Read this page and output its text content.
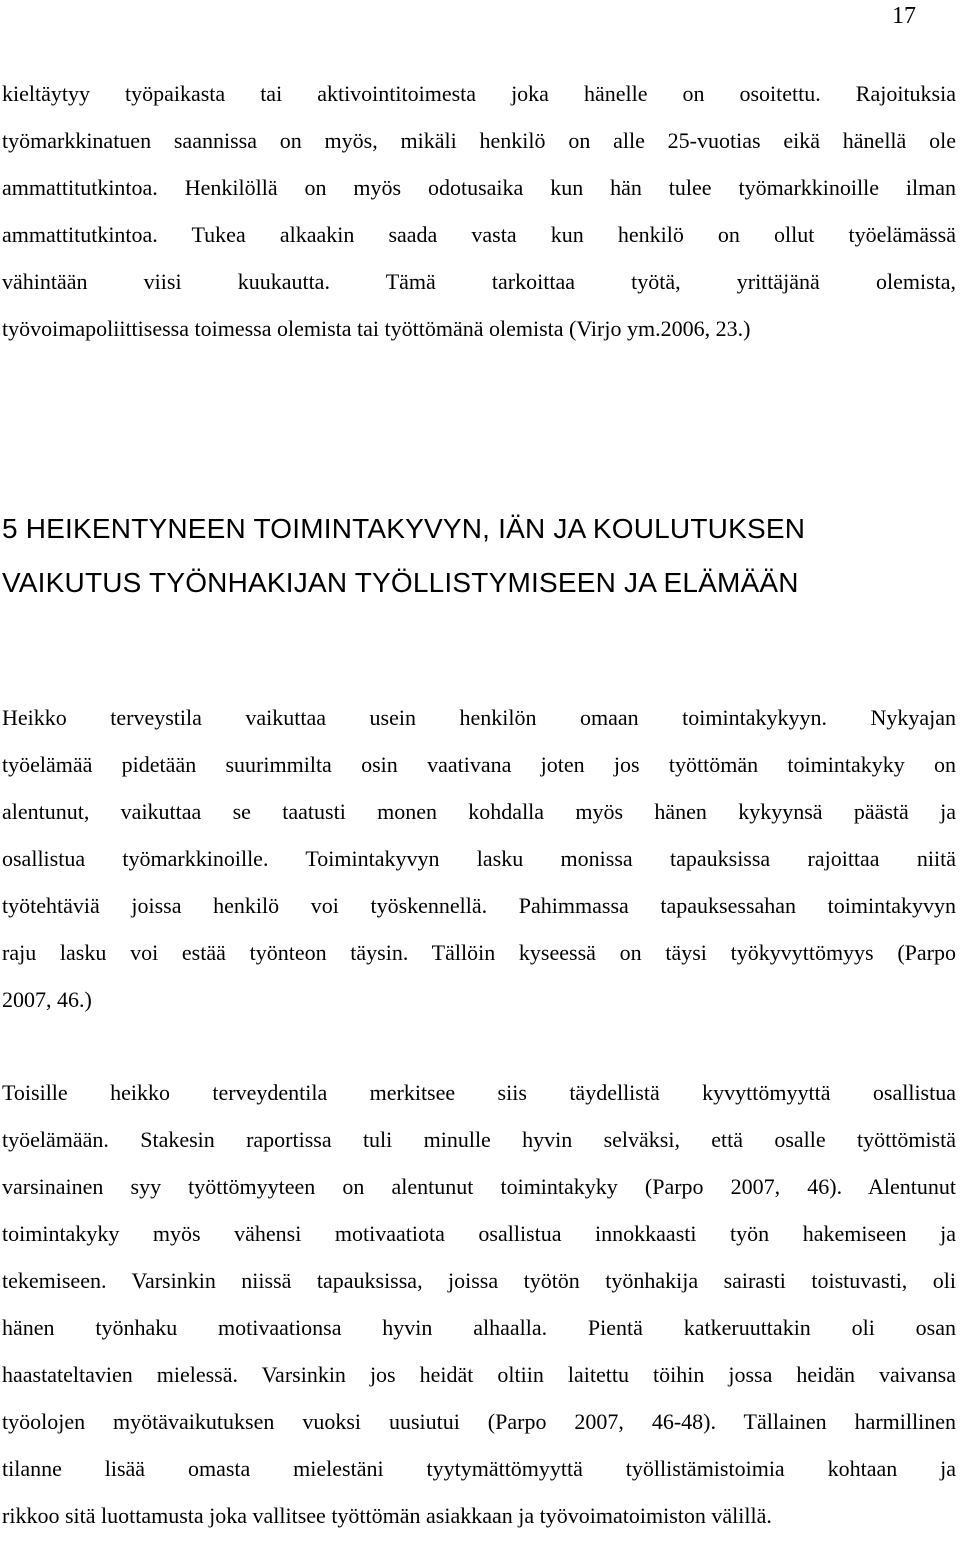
17

kieltäytyy työpaikasta tai aktivointitoimesta joka hänelle on osoitettu. Rajoituksia
työmarkkinatuen saannissa on myös, mikäli henkilö on alle 25-vuotias eikä hänellä ole
ammattitutkintoa. Henkilöllä on myös odotusaika kun hän tulee työmarkkinoille ilman
ammattitutkintoa. Tukea alkaakin saada vasta kun henkilö on ollut työelämässä
vähintään viisi kuukautta. Tämä tarkoittaa työtä, yrittäjänä olemista,
työvoimapoliittisessa toimessa olemista tai työttömänä olemista (Virjo ym.2006, 23.)

5 HEIKENTYNEEN TOIMINTAKYVYN, IÄN JA KOULUTUKSEN
VAIKUTUS TYÖNHAKIJAN TYÖLLISTYMISEEN JA ELÄMÄÄN

Heikko terveystila vaikuttaa usein henkilön omaan toimintakykyyn. Nykyajan
työelämää pidetään suurimmilta osin vaativana joten jos työttömän toimintakyky on
alentunut, vaikuttaa se taatusti monen kohdalla myös hänen kykyynsä päästä ja
osallistua työmarkkinoille. Toimintakyvyn lasku monissa tapauksissa rajoittaa niitä
työtehtäviä joissa henkilö voi työskennellä. Pahimmassa tapauksessahan toimintakyvyn
raju lasku voi estää työnteon täysin. Tällöin kyseessä on täysi työkyvyttömyys (Parpo
2007, 46.)

Toisille heikko terveydentila merkitsee siis täydellistä kyvyttömyyttä osallistua
työelämään. Stakesin raportissa tuli minulle hyvin selväksi, että osalle työttömistä
varsinainen syy työttömyyteen on alentunut toimintakyky (Parpo 2007, 46). Alentunut
toimintakyky myös vähensi motivaatiota osallistua innokkaasti työn hakemiseen ja
tekemiseen. Varsinkin niissä tapauksissa, joissa työtön työnhakija sairasti toistuvasti, oli
hänen työnhaku motivaationsa hyvin alhaalla. Pientä katkeruuttakin oli osan
haastateltavien mielessä. Varsinkin jos heidät oltiin laitettu töihin jossa heidän vaivansa
työolojen myötävaikutuksen vuoksi uusiutui (Parpo 2007, 46-48). Tällainen harmillinen
tilanne lisää omasta mielestäni tyytymättömyyttä työllistämistoimia kohtaan ja
rikkoo sitä luottamusta joka vallitsee työttömän asiakkaan ja työvoimatoimiston välillä.
